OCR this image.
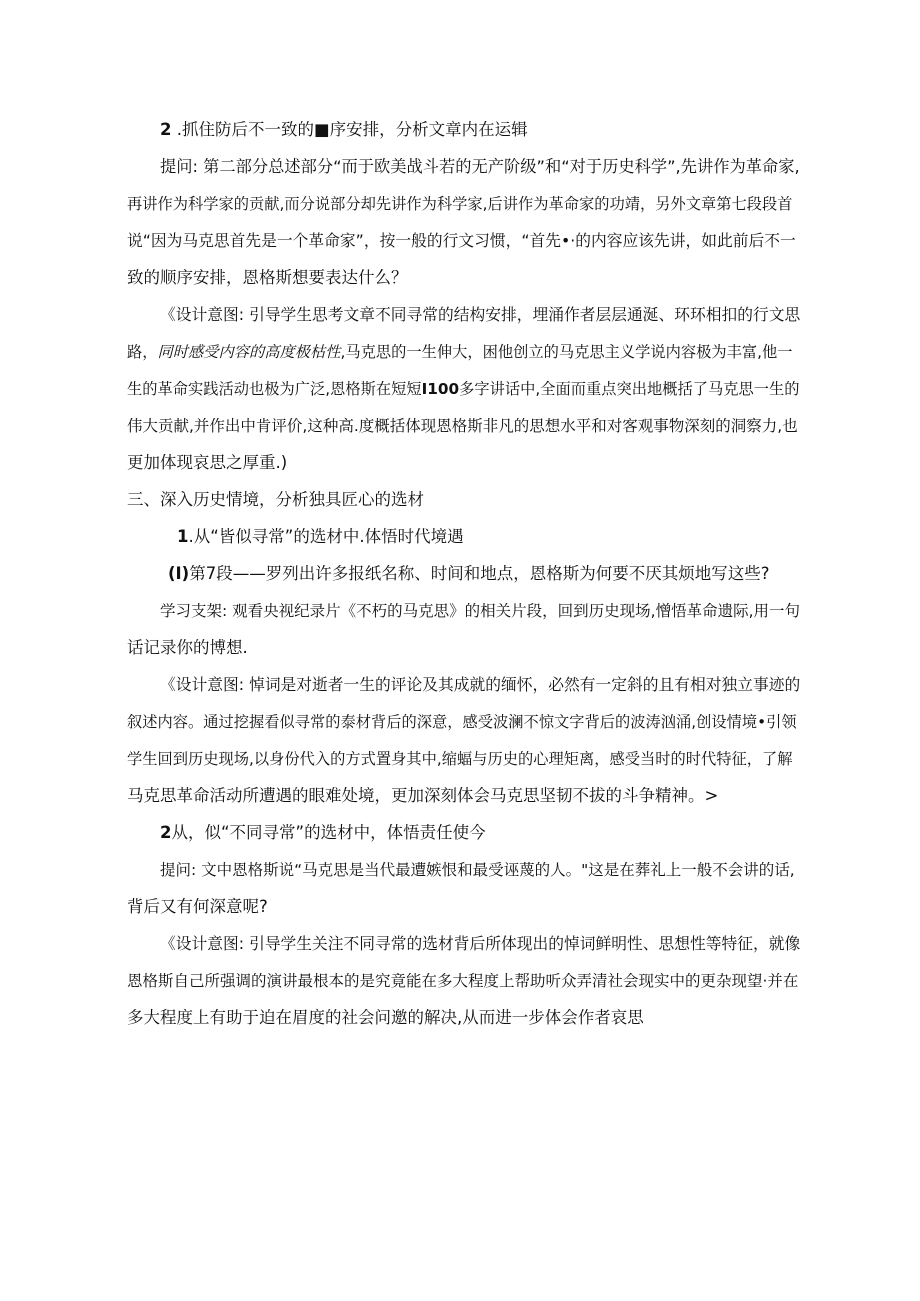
2 .抓住防后不一致的■序安排，分析文章内在运辑

提问: 第二部分总述部分“而于欧美战斗若的无产阶级”和“对于历史科学”,先讲作为革命家,

再讲作为科学家的贡献,而分说部分却先讲作为科学家,后讲作为革命家的功靖，另外文章第七段段首

说“因为马克思首先是一个革命家”，按一般的行文习惯，“首先•·的内容应该先讲，如此前后不一

致的顺序安排，恩格斯想要表达什么？

《设计意图: 引导学生思考文章不同寻常的结构安排，埋涌作者层层通涎、环环相扣的行文思

路，同时感受内容的高度极枯性,马克思的一生伸大，困他创立的马克思主义学说内容极为丰富,他一

生的革命实践活动也极为广泛,恩格斯在短短I100多字讲话中,全面而重点突出地概括了马克思一生的

伟大贡献,并作出中肯评价,这种高.度概括体现恩格斯非凡的思想水平和对客观事物深刻的洞察力,也

更加体现哀思之厚重.)

三、深入历史情境，分析独具匠心的选材

1.从“皆似寻常”的选材中.体悟时代境遇

(I)第7段——罗列出许多报纸名称、时间和地点，恩格斯为何要不厌其烦地写这些?

学习支架: 观看央视纪录片《不朽的马克思》的相关片段，回到历史现场,憎悟革命遗际,用一句

话记录你的博想.

《设计意图: 悼词是对逝者一生的评论及其成就的缅怀，必然有一定斜的且有相对独立事迹的

叙述内容。通过挖握看似寻常的泰材背后的深意，感受波澜不惊文字背后的波涛汹涌,创设情境•引领

学生回到历史现场,以身份代入的方式置身其中,缩蝠与历史的心理矩离，感受当时的时代特征，了解

马克思革命活动所遭遇的眼难处境，更加深刻体会马克思坚韧不拔的斗争精神。>

2从，似“不同寻常”的选材中，体悟责任使今

提问: 文中恩格斯说“马克思是当代最遭嫉恨和最受诬蔑的人。"这是在葬礼上一般不会讲的话,

背后又有何深意呢?

《设计意图: 引导学生关注不同寻常的选材背后所体现出的悼词鲜明性、思想性等特征，就像

恩格斯自己所强调的演讲最根本的是究竟能在多大程度上帮助听众弄清社会现实中的更杂现望·并在

多大程度上有助于迫在眉度的社会问邀的解决,从而进一步体会作者哀思
